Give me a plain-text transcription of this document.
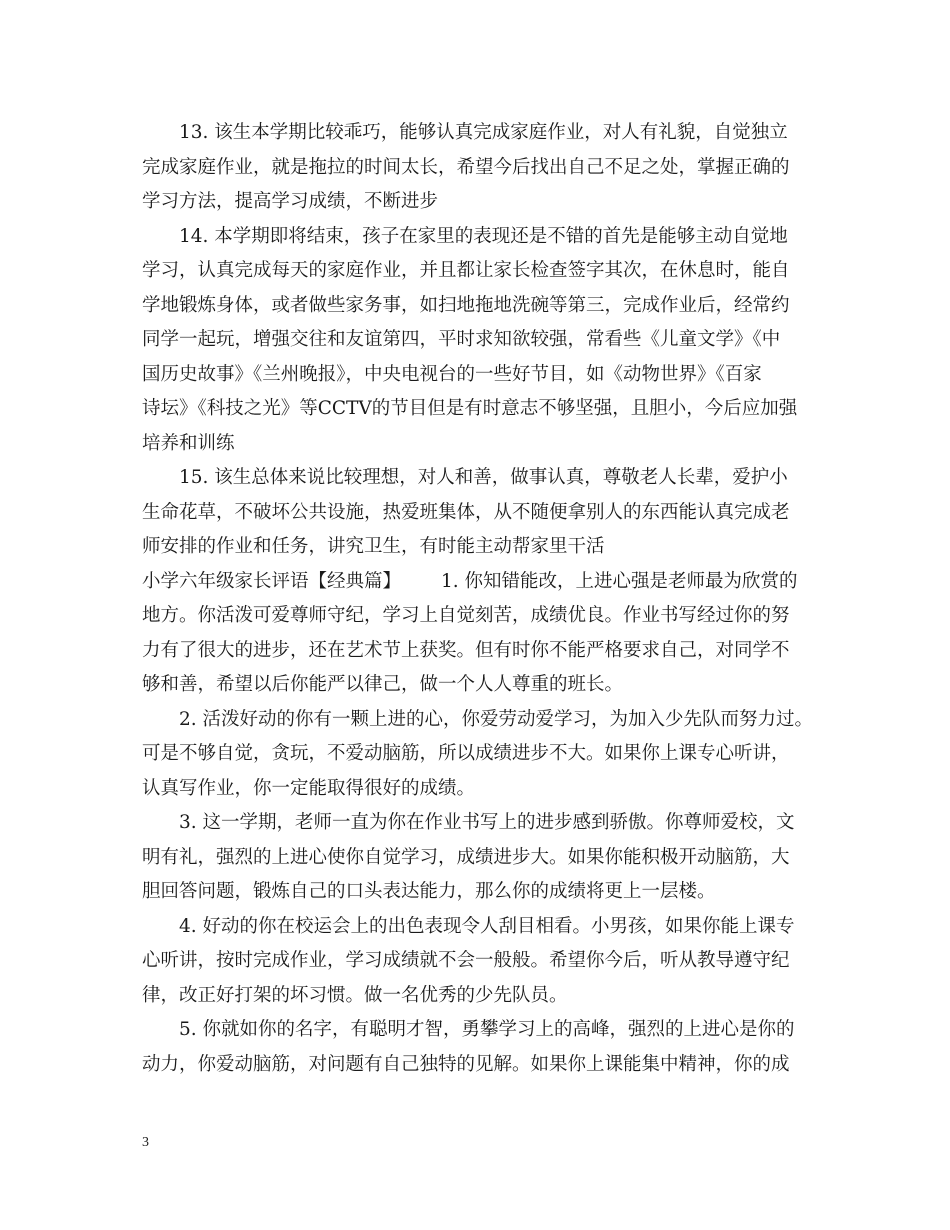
13. 该生本学期比较乖巧，能够认真完成家庭作业，对人有礼貌，自觉独立
完成家庭作业，就是拖拉的时间太长，希望今后找出自己不足之处，掌握正确的
学习方法，提高学习成绩，不断进步
14. 本学期即将结束，孩子在家里的表现还是不错的首先是能够主动自觉地
学习，认真完成每天的家庭作业，并且都让家长检查签字其次，在休息时，能自
学地锻炼身体，或者做些家务事，如扫地拖地洗碗等第三，完成作业后，经常约
同学一起玩，增强交往和友谊第四，平时求知欲较强，常看些《儿童文学》《中
国历史故事》《兰州晚报》，中央电视台的一些好节目，如《动物世界》《百家
诗坛》《科技之光》等CCTV的节目但是有时意志不够坚强，且胆小，今后应加强
培养和训练
15. 该生总体来说比较理想，对人和善，做事认真，尊敬老人长辈，爱护小
生命花草，不破坏公共设施，热爱班集体，从不随便拿别人的东西能认真完成老
师安排的作业和任务，讲究卫生，有时能主动帮家里干活
小学六年级家长评语【经典篇】 1. 你知错能改，上进心强是老师最为欣赏的
地方。你活泼可爱尊师守纪，学习上自觉刻苦，成绩优良。作业书写经过你的努
力有了很大的进步，还在艺术节上获奖。但有时你不能严格要求自己，对同学不
够和善，希望以后你能严以律己，做一个人人尊重的班长。
2. 活泼好动的你有一颗上进的心，你爱劳动爱学习，为加入少先队而努力过。
可是不够自觉，贪玩，不爱动脑筋，所以成绩进步不大。如果你上课专心听讲，
认真写作业，你一定能取得很好的成绩。
3. 这一学期，老师一直为你在作业书写上的进步感到骄傲。你尊师爱校，文
明有礼，强烈的上进心使你自觉学习，成绩进步大。如果你能积极开动脑筋，大
胆回答问题，锻炼自己的口头表达能力，那么你的成绩将更上一层楼。
4. 好动的你在校运会上的出色表现令人刮目相看。小男孩，如果你能上课专
心听讲，按时完成作业，学习成绩就不会一般般。希望你今后，听从教导遵守纪
律，改正好打架的坏习惯。做一名优秀的少先队员。
5. 你就如你的名字，有聪明才智，勇攀学习上的高峰，强烈的上进心是你的
动力，你爱动脑筋，对问题有自己独特的见解。如果你上课能集中精神，你的成
3
